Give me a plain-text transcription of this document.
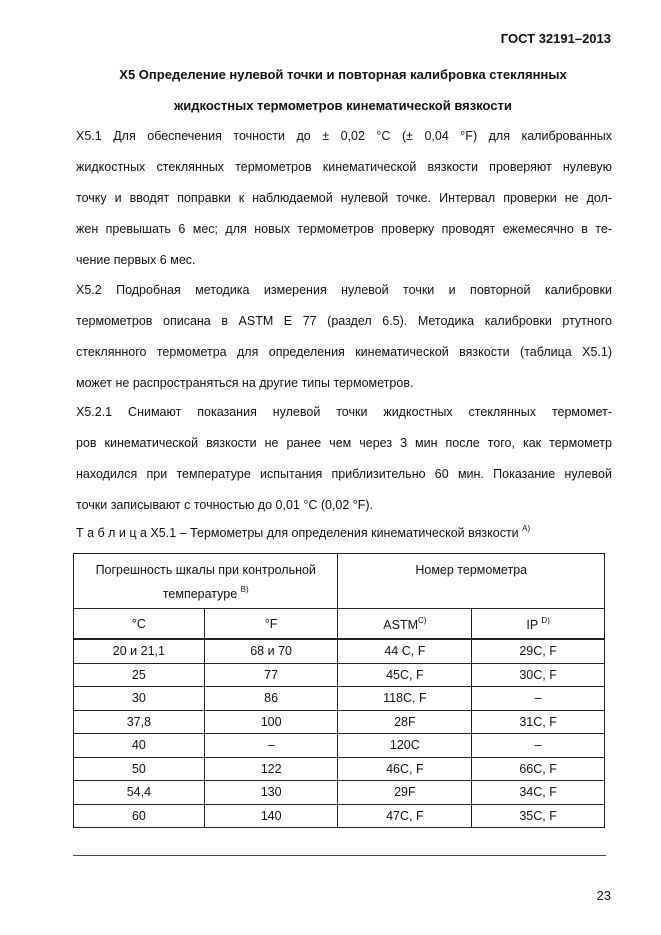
ГОСТ 32191–2013
X5 Определение нулевой точки и повторная калибровка стеклянных
жидкостных термометров кинематической вязкости

X5.1 Для обеспечения точности до ± 0,02 °C (± 0,04 °F) для калиброванных
жидкостных стеклянных термометров кинематической вязкости проверяют нулевую
точку и вводят поправки к наблюдаемой нулевой точке. Интервал проверки не дол-
жен превышать 6 мес; для новых термометров проверку проводят ежемесячно в те-
чение первых 6 мес.

X5.2 Подробная методика измерения нулевой точки и повторной калибровки
термометров описана в ASTM E 77 (раздел 6.5). Методика калибровки ртутного
стеклянного термометра для определения кинематической вязкости (таблица X5.1)
может не распространяться на другие типы термометров.

X5.2.1 Снимают показания нулевой точки жидкостных стеклянных термомет-
ров кинематической вязкости не ранее чем через 3 мин после того, как термометр
находился при температуре испытания приблизительно 60 мин. Показание нулевой
точки записывают с точностью до 0,01 °C (0,02 °F).

Т а б л и ц а X5.1 – Термометры для определения кинематической вязкости $^{A)}$
Погрешность шкалы при контрольной температуре $^{B)}$		Номер термометра	
°C	°F	$ASTM^{C)}$	IP $^{D)}$
20 и 21,1	68 и 70	44 C, F	29C, F
25	77	45C, F	30C, F
30	86	118C, F	–
37,8	100	28F	31C, F
40	–	120C	–
50	122	46C, F	66C, F
54,4	130	29F	34C, F
60	140	47C, F	35C, F
23
